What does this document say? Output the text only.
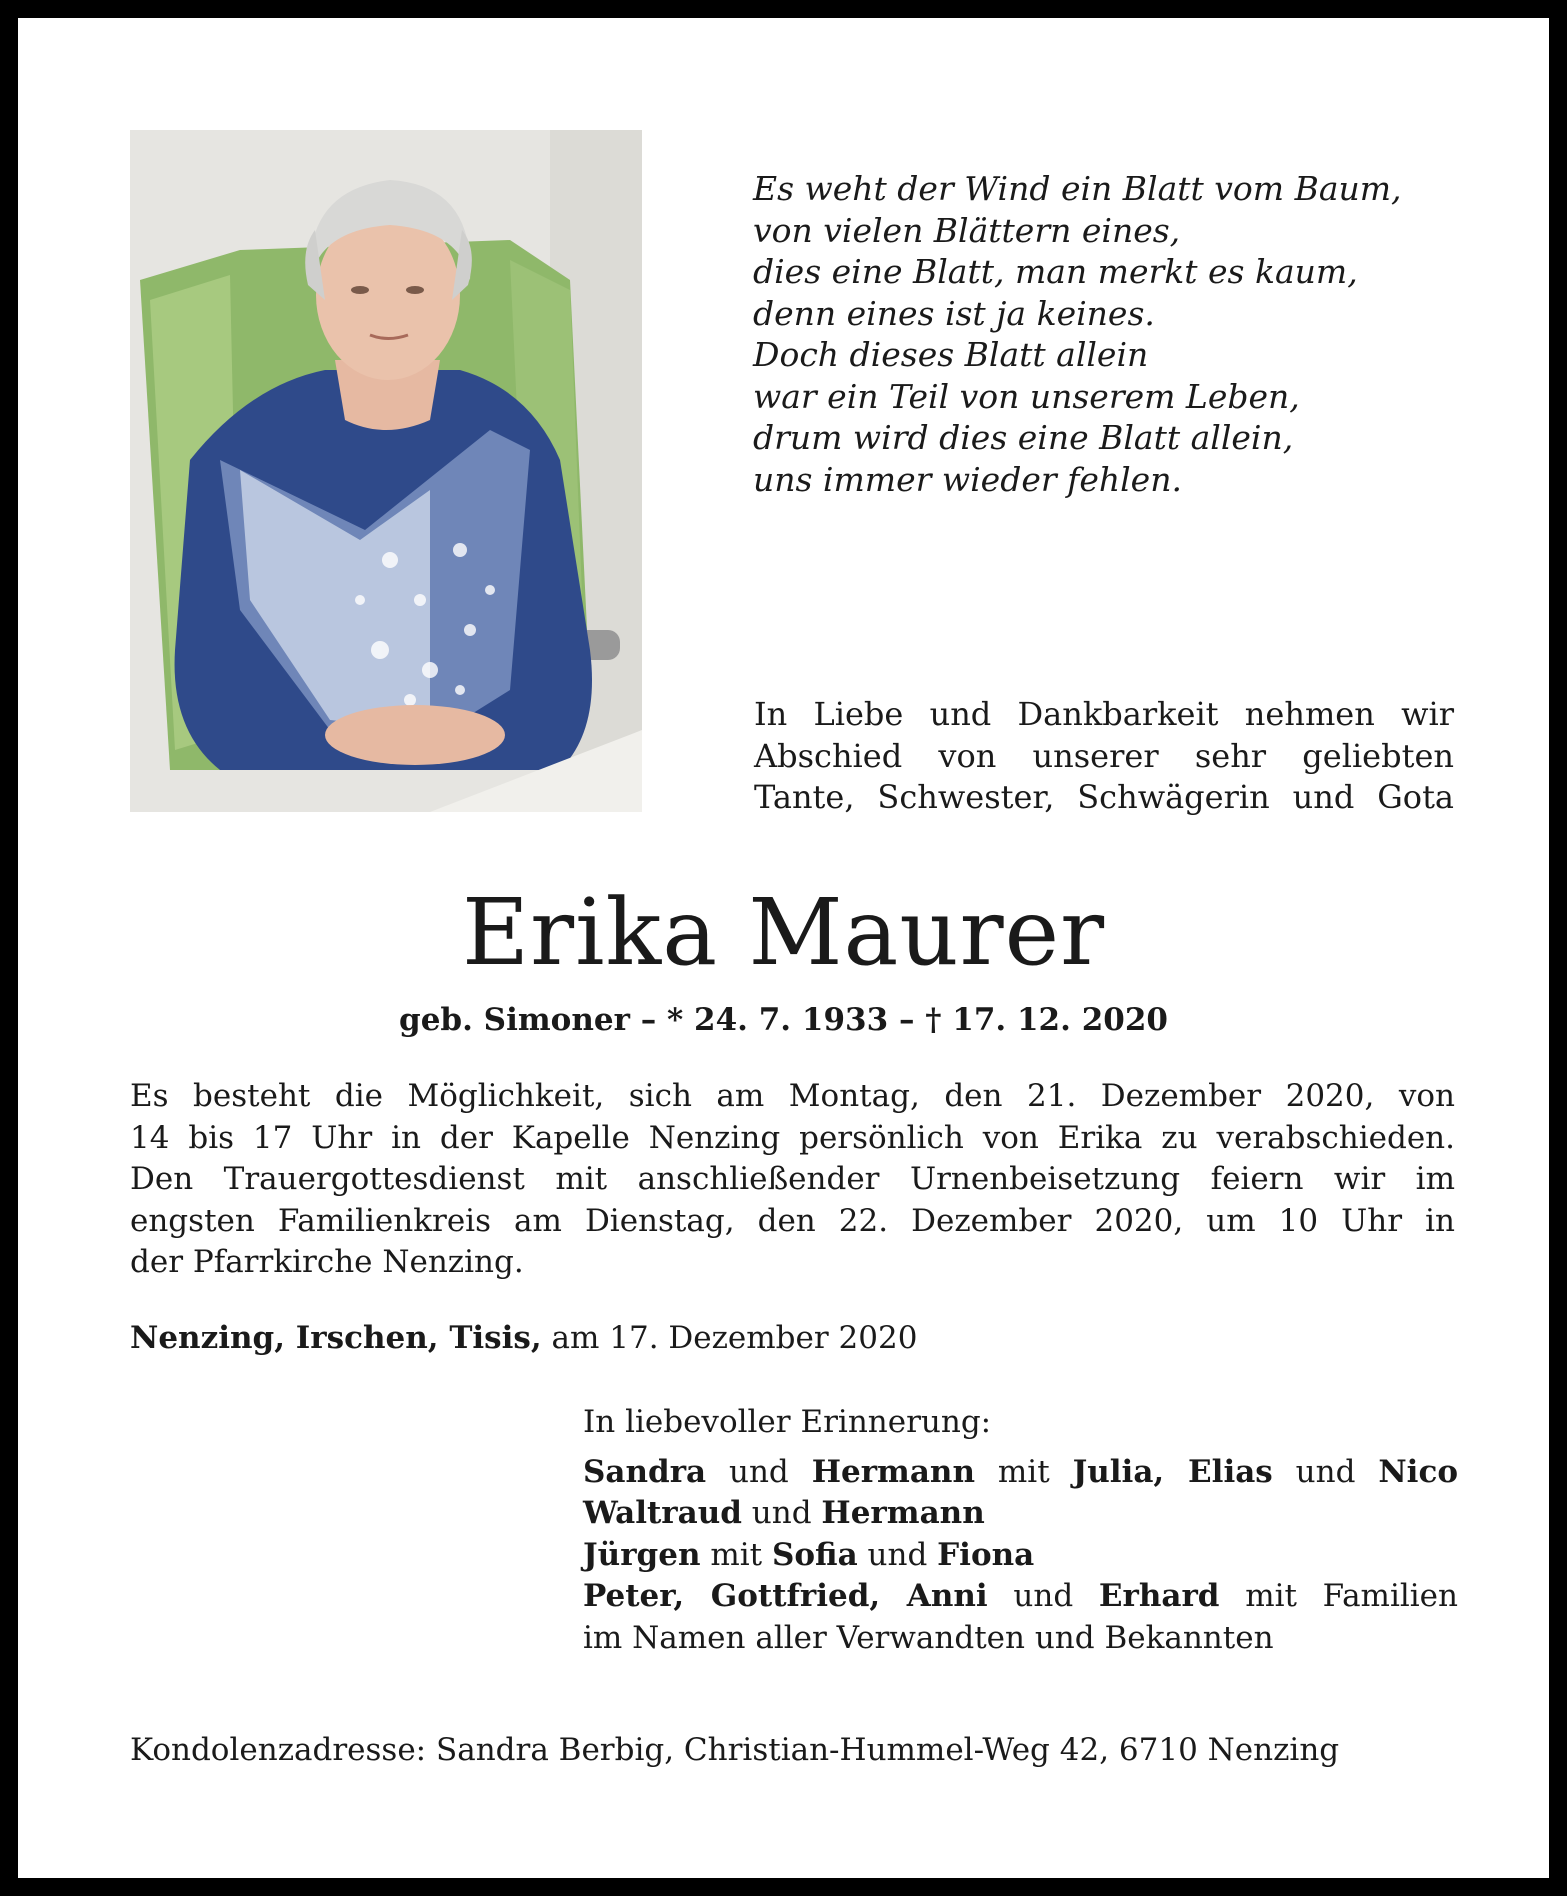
Es weht der Wind ein Blatt vom Baum,
von vielen Blättern eines,
dies eine Blatt, man merkt es kaum,
denn eines ist ja keines.
Doch dieses Blatt allein
war ein Teil von unserem Leben,
drum wird dies eine Blatt allein,
uns immer wieder fehlen.
In Liebe und Dankbarkeit nehmen wir
Abschied von unserer sehr geliebten
Tante, Schwester, Schwägerin und Gota
Erika Maurer
geb. Simoner – * 24. 7. 1933 – † 17. 12. 2020
Es besteht die Möglichkeit, sich am Montag, den 21. Dezember 2020, von
14 bis 17 Uhr in der Kapelle Nenzing persönlich von Erika zu verabschieden.
Den Trauergottesdienst mit anschließender Urnenbeisetzung feiern wir im
engsten Familienkreis am Dienstag, den 22. Dezember 2020, um 10 Uhr in
der Pfarrkirche Nenzing.
Nenzing, Irschen, Tisis, am 17. Dezember 2020
In liebevoller Erinnerung:
Sandra und Hermann mit Julia, Elias und Nico
Waltraud und Hermann
Jürgen mit Sofia und Fiona
Peter, Gottfried, Anni und Erhard mit Familien
im Namen aller Verwandten und Bekannten
Kondolenzadresse: Sandra Berbig, Christian-Hummel-Weg 42, 6710 Nenzing
